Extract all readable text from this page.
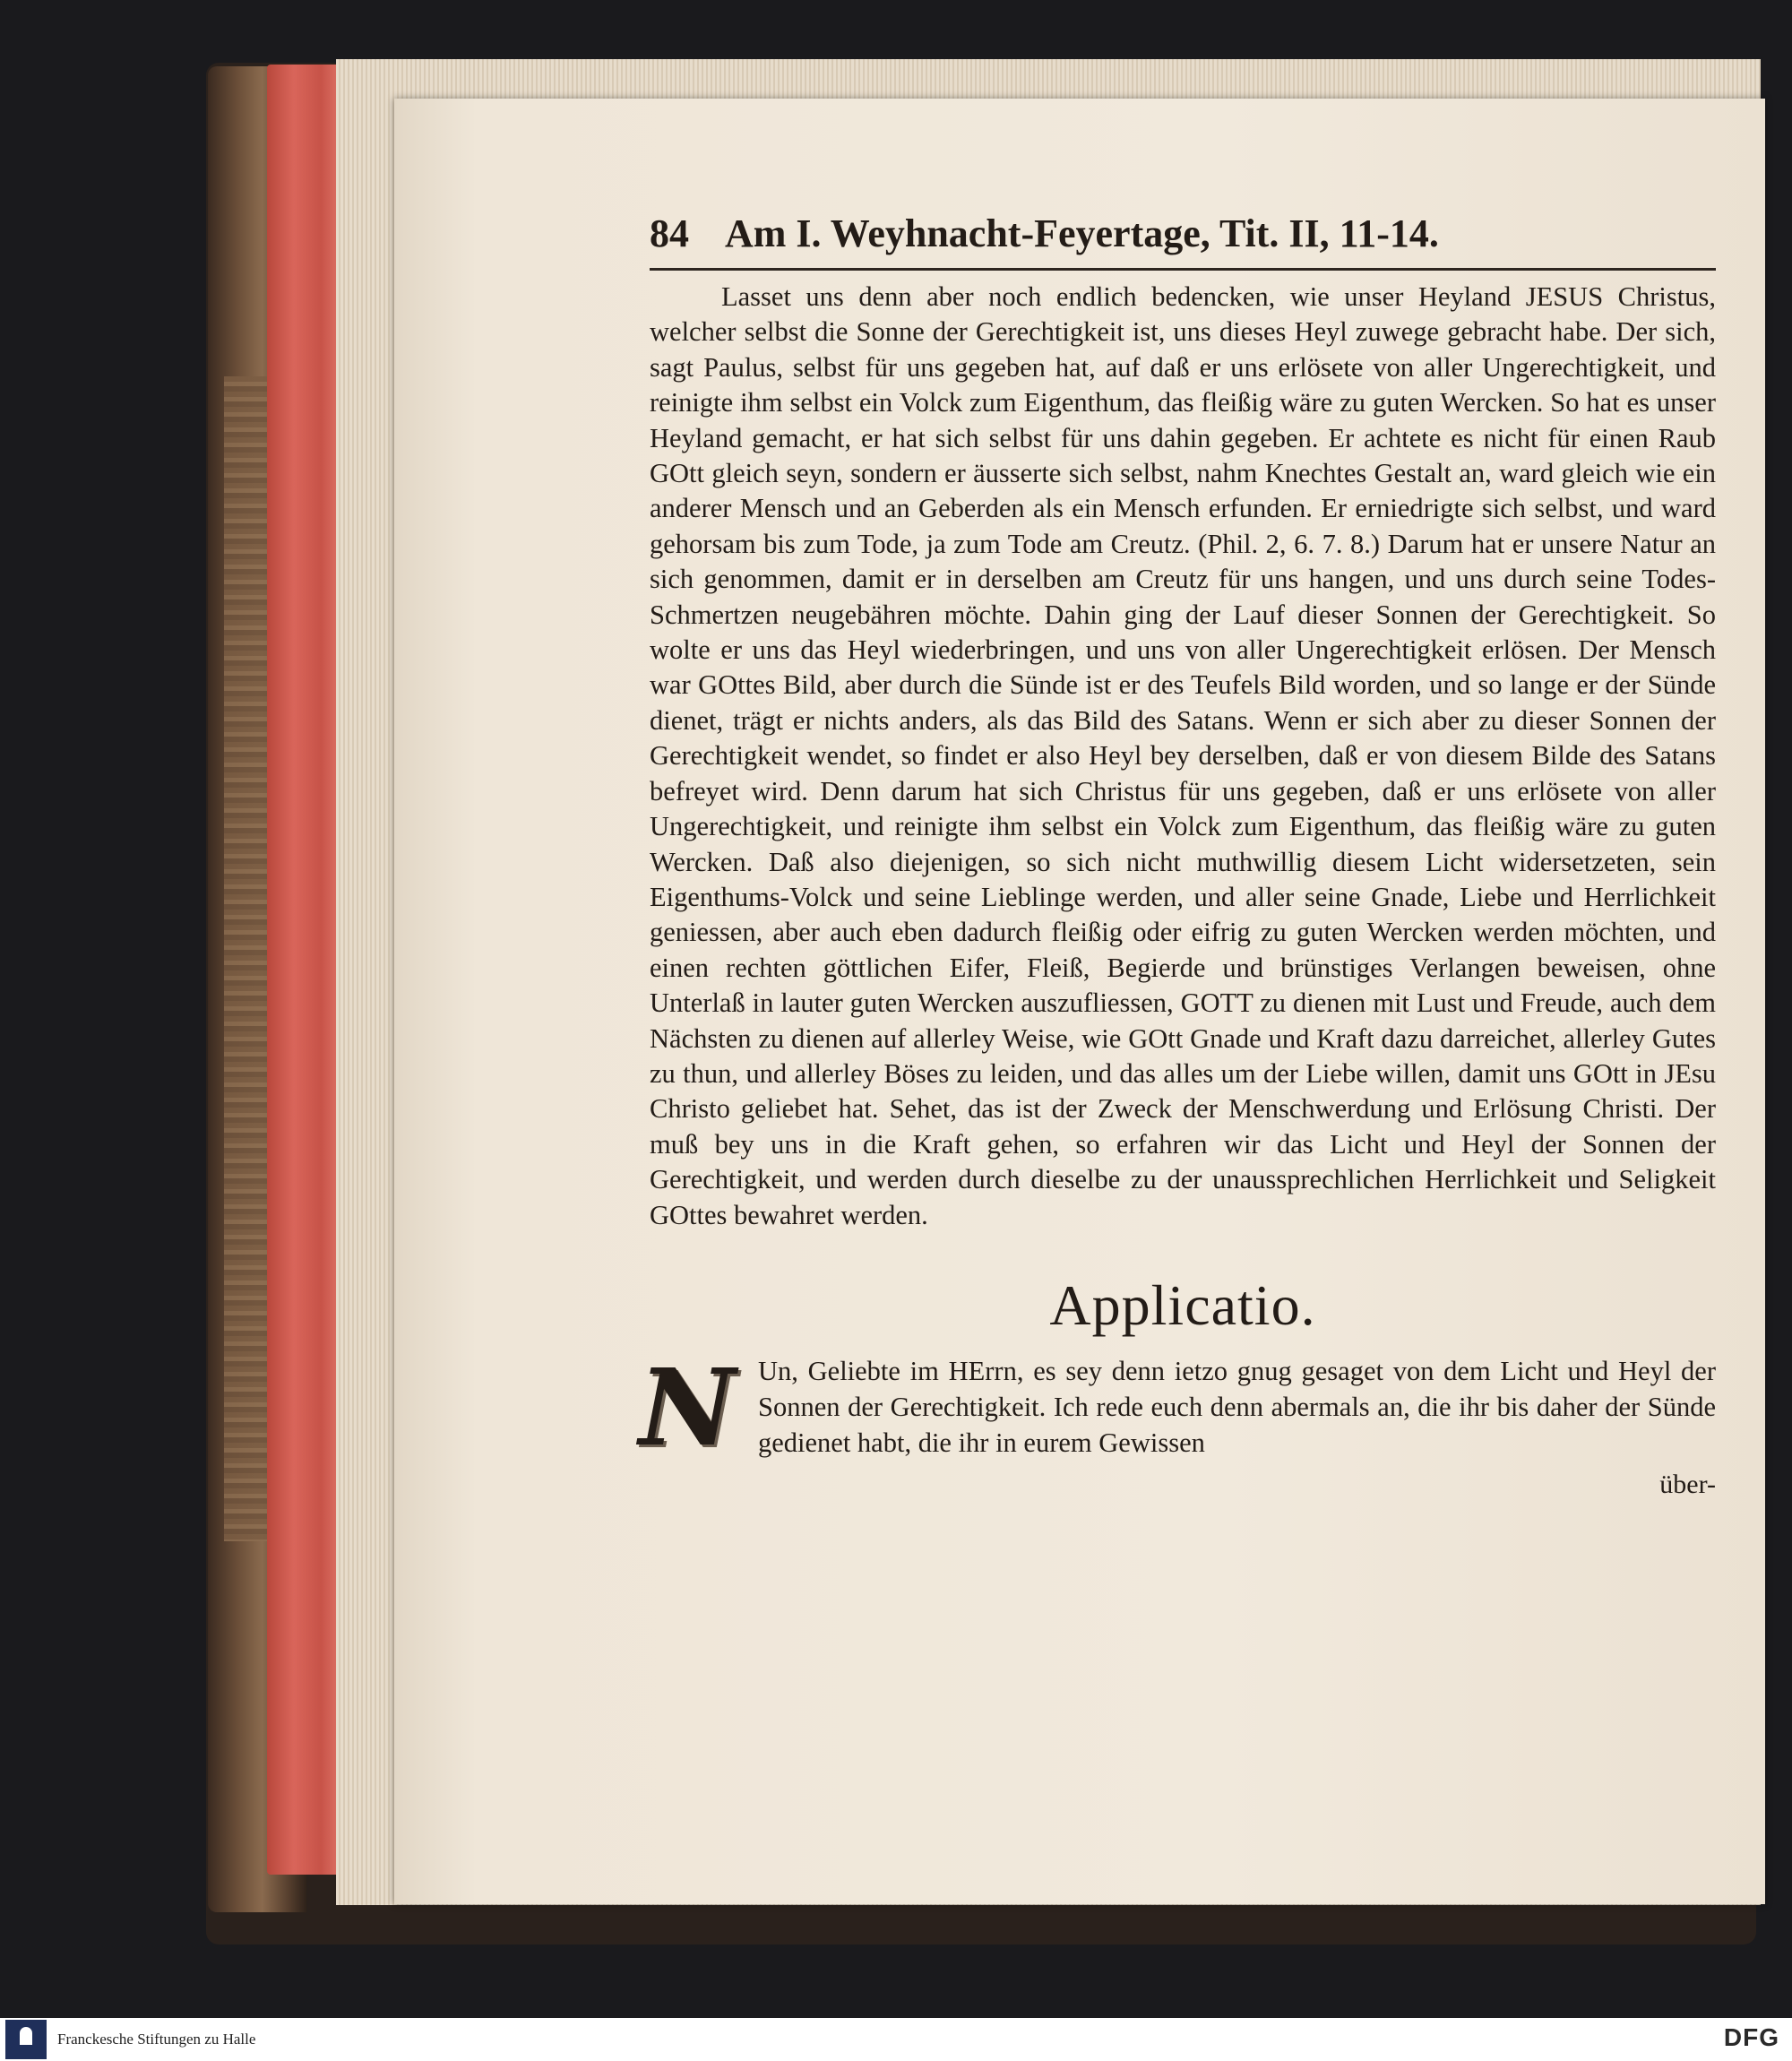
84 Am I. Weyhnacht-Feyertage, Tit. II, 11-14.

Lasset uns denn aber noch endlich bedencken, wie unser Heyland JESUS Christus, welcher selbst die Sonne der Gerechtigkeit ist, uns dieses Heyl zuwege gebracht habe. Der sich, sagt Paulus, selbst für uns gegeben hat, auf daß er uns erlösete von aller Ungerechtigkeit, und reinigte ihm selbst ein Volck zum Eigenthum, das fleißig wäre zu guten Wercken. So hat es unser Heyland gemacht, er hat sich selbst für uns dahin gegeben. Er achtete es nicht für einen Raub GOtt gleich seyn, sondern er äusserte sich selbst, nahm Knechtes Gestalt an, ward gleich wie ein anderer Mensch und an Geberden als ein Mensch erfunden. Er erniedrigte sich selbst, und ward gehorsam bis zum Tode, ja zum Tode am Creutz. (Phil. 2, 6. 7. 8.) Darum hat er unsere Natur an sich genommen, damit er in derselben am Creutz für uns hangen, und uns durch seine Todes-Schmertzen neugebähren möchte. Dahin ging der Lauf dieser Sonnen der Gerechtigkeit. So wolte er uns das Heyl wiederbringen, und uns von aller Ungerechtigkeit erlösen. Der Mensch war GOttes Bild, aber durch die Sünde ist er des Teufels Bild worden, und so lange er der Sünde dienet, trägt er nichts anders, als das Bild des Satans. Wenn er sich aber zu dieser Sonnen der Gerechtigkeit wendet, so findet er also Heyl bey derselben, daß er von diesem Bilde des Satans befreyet wird. Denn darum hat sich Christus für uns gegeben, daß er uns erlösete von aller Ungerechtigkeit, und reinigte ihm selbst ein Volck zum Eigenthum, das fleißig wäre zu guten Wercken. Daß also diejenigen, so sich nicht muthwillig diesem Licht widersetzeten, sein Eigenthums-Volck und seine Lieblinge werden, und aller seine Gnade, Liebe und Herrlichkeit geniessen, aber auch eben dadurch fleißig oder eifrig zu guten Wercken werden möchten, und einen rechten göttlichen Eifer, Fleiß, Begierde und brünstiges Verlangen beweisen, ohne Unterlaß in lauter guten Wercken auszufliessen, GOTT zu dienen mit Lust und Freude, auch dem Nächsten zu dienen auf allerley Weise, wie GOtt Gnade und Kraft dazu darreichet, allerley Gutes zu thun, und allerley Böses zu leiden, und das alles um der Liebe willen, damit uns GOtt in JEsu Christo geliebet hat. Sehet, das ist der Zweck der Menschwerdung und Erlösung Christi. Der muß bey uns in die Kraft gehen, so erfahren wir das Licht und Heyl der Sonnen der Gerechtigkeit, und werden durch dieselbe zu der unaussprechlichen Herrlichkeit und Seligkeit GOttes bewahret werden.

Applicatio.
N Un, Geliebte im HErrn, es sey denn ietzo gnug gesaget von dem Licht und Heyl der Sonnen der Gerechtigkeit. Ich rede euch denn abermals an, die ihr bis daher der Sünde gedienet habt, die ihr in eurem Gewissen

über-
Franckesche Stiftungen zu Halle	DFG
